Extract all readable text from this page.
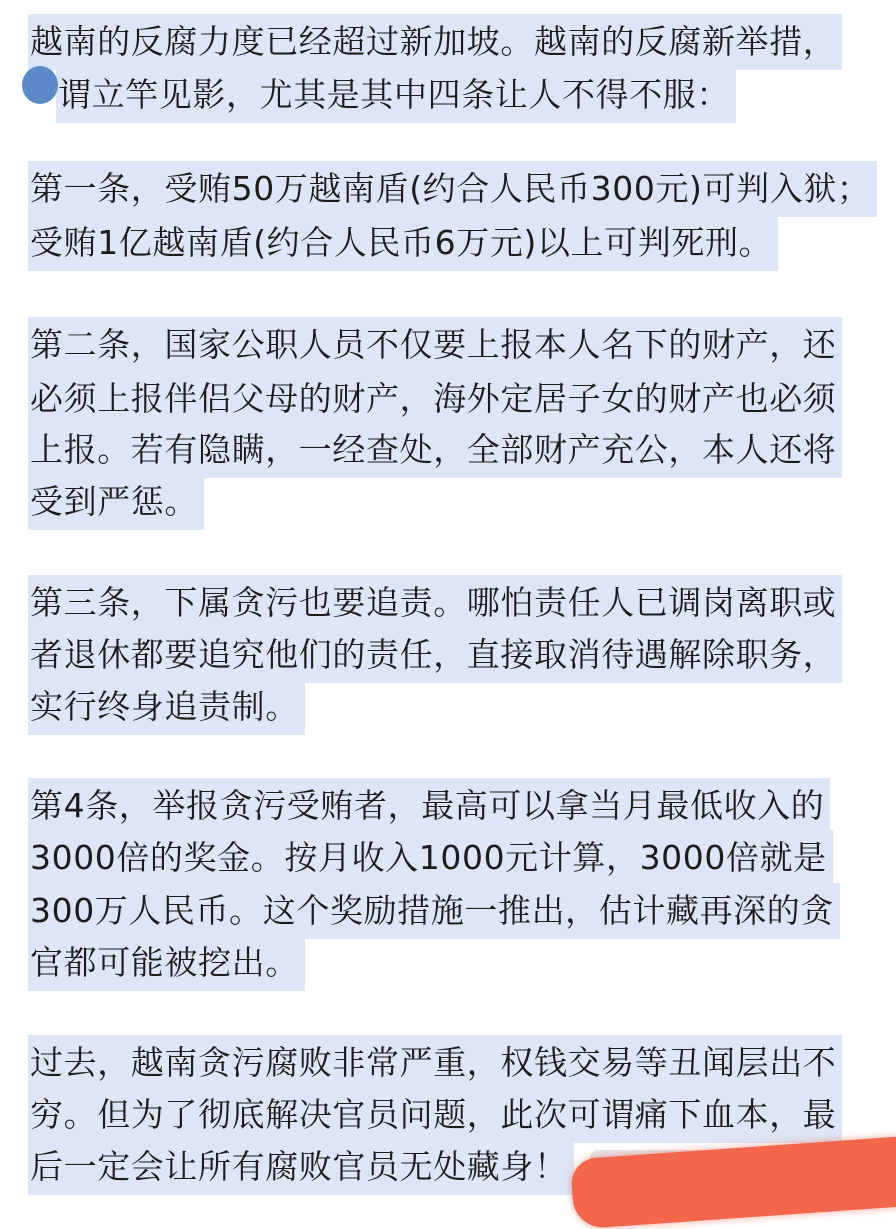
越南的反腐力度已经超过新加坡。越南的反腐新举措，
谓立竿见影，尤其是其中四条让人不得不服：
第一条，受贿50万越南盾(约合人民币300元)可判入狱；
受贿1亿越南盾(约合人民币6万元)以上可判死刑。
第二条，国家公职人员不仅要上报本人名下的财产，还
必须上报伴侣父母的财产，海外定居子女的财产也必须
上报。若有隐瞒，一经查处，全部财产充公，本人还将
受到严惩。
第三条，下属贪污也要追责。哪怕责任人已调岗离职或
者退休都要追究他们的责任，直接取消待遇解除职务，
实行终身追责制。
第4条，举报贪污受贿者，最高可以拿当月最低收入的
3000倍的奖金。按月收入1000元计算，3000倍就是
300万人民币。这个奖励措施一推出，估计藏再深的贪
官都可能被挖出。
过去，越南贪污腐败非常严重，权钱交易等丑闻层出不
穷。但为了彻底解决官员问题，此次可谓痛下血本，最
后一定会让所有腐败官员无处藏身！
